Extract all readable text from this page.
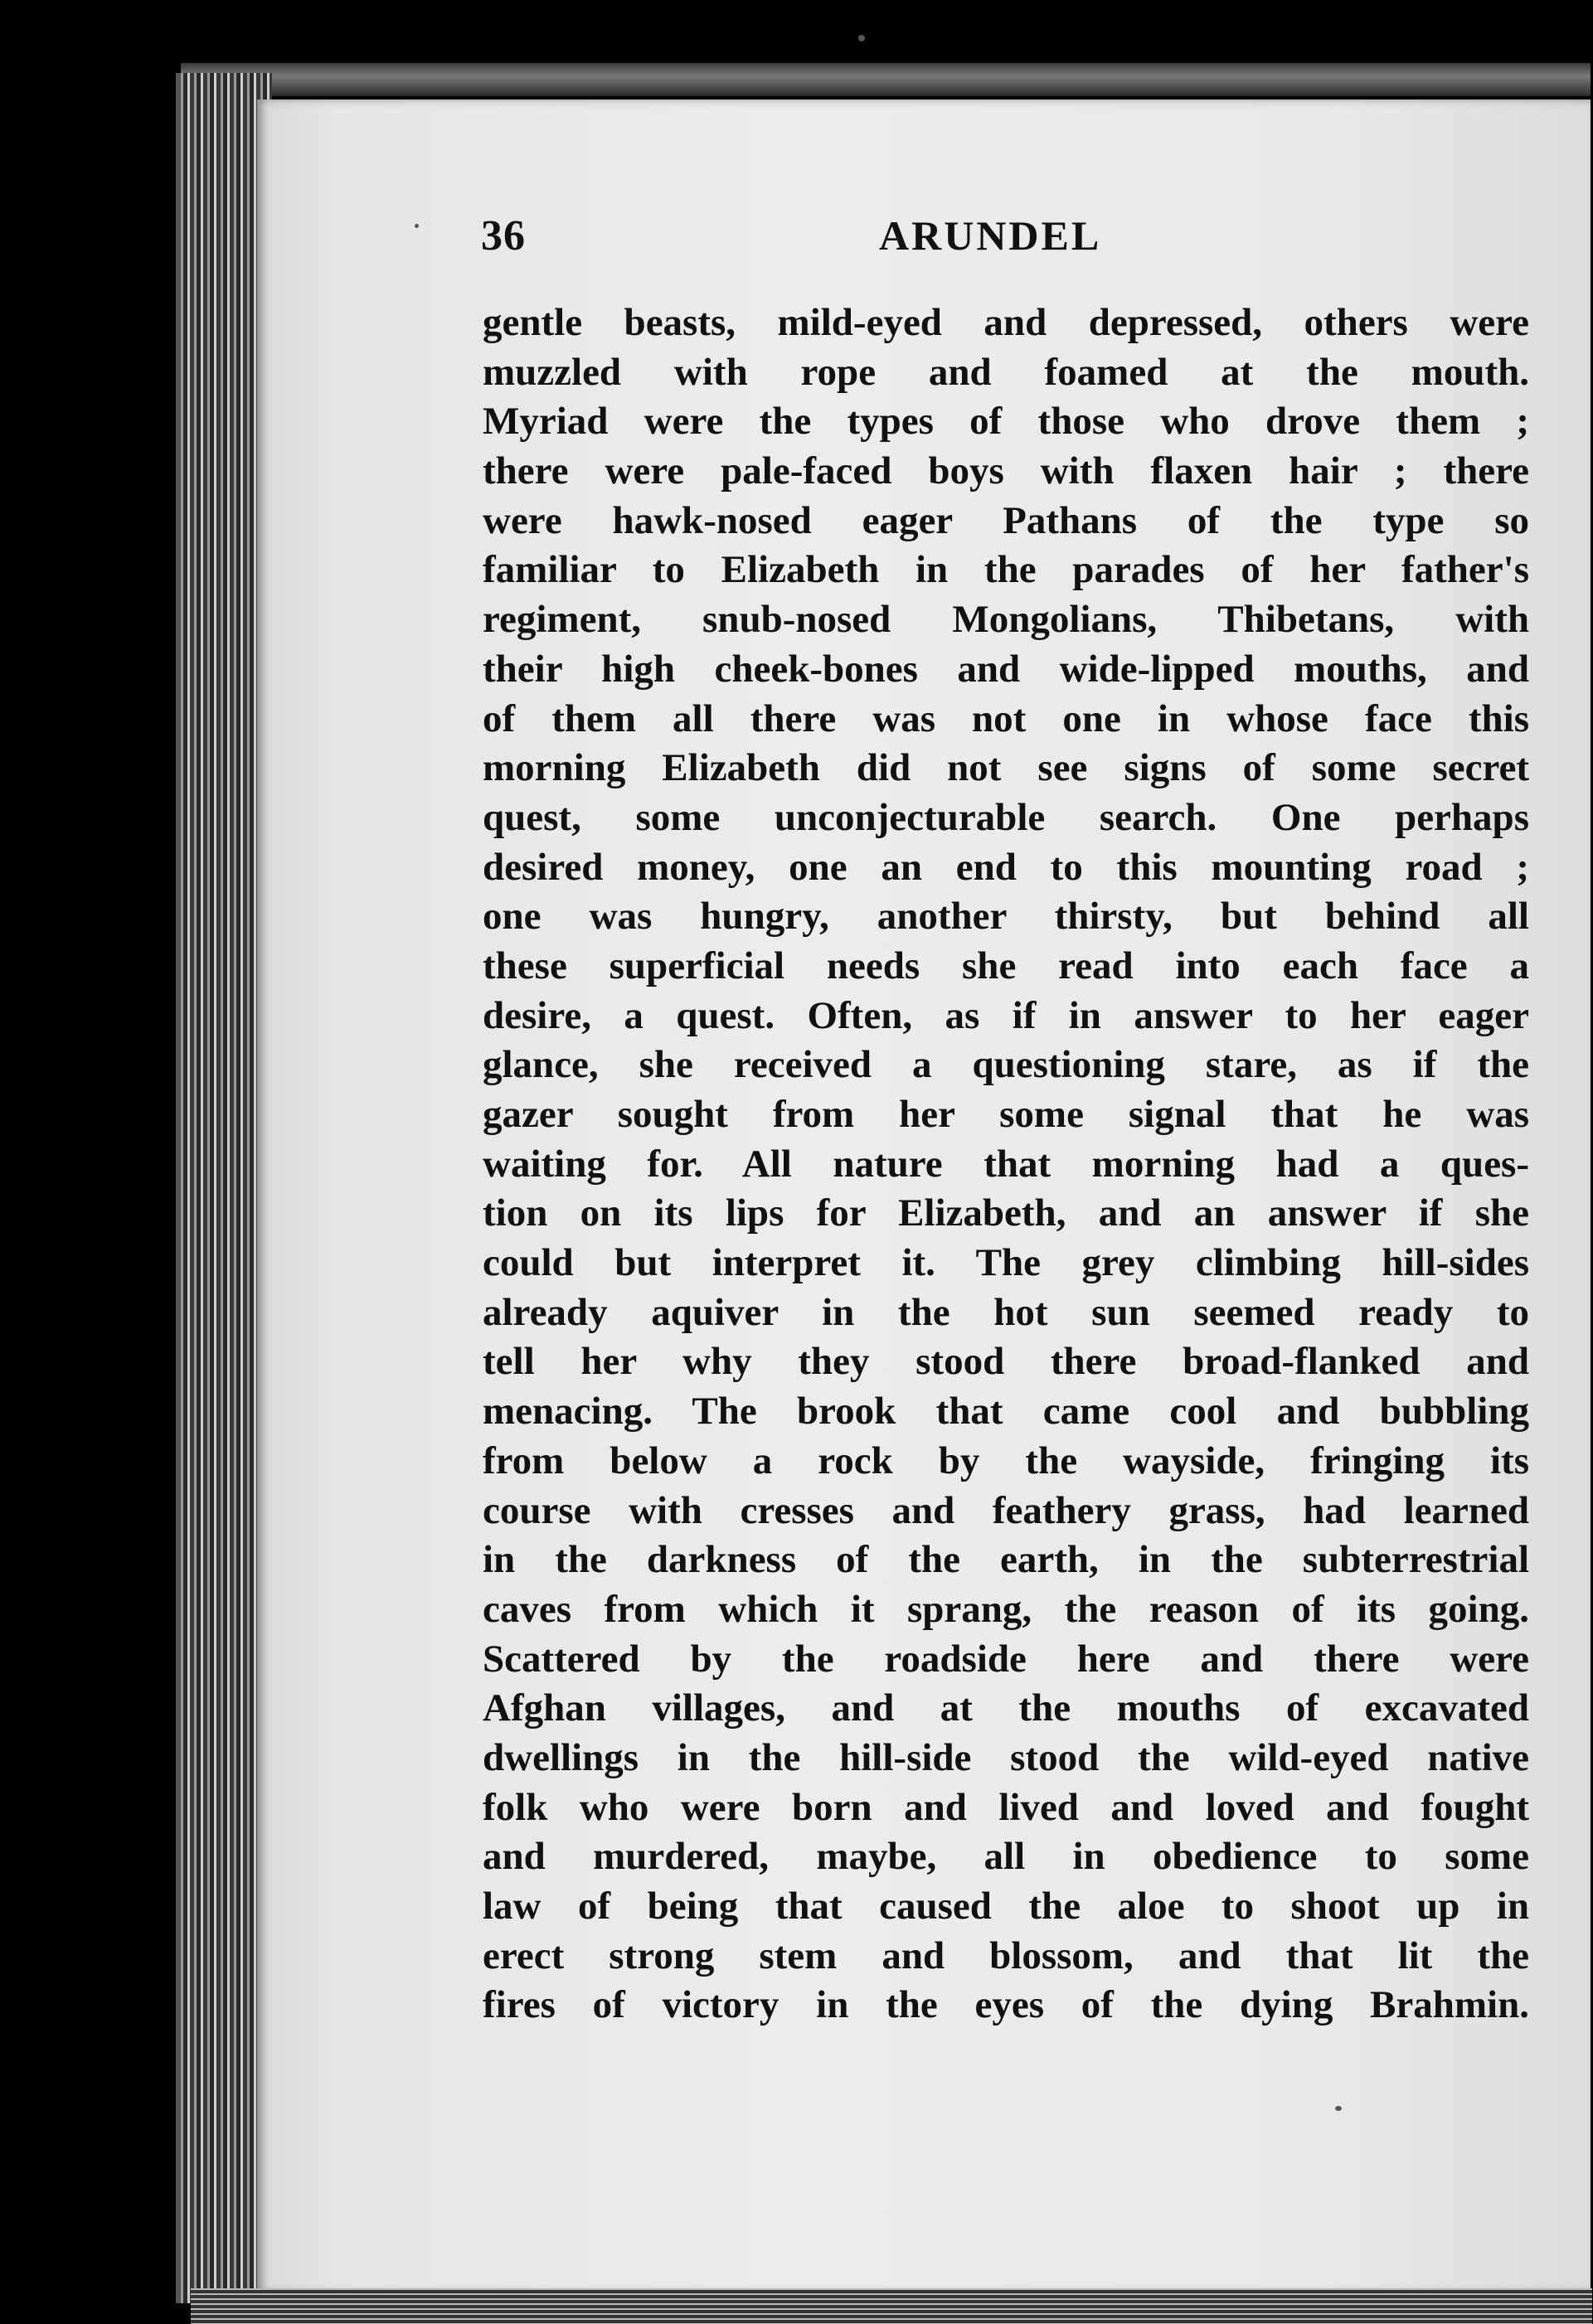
36	ARUNDEL
gentle beasts, mild-eyed and depressed, others were
muzzled with rope and foamed at the mouth.
Myriad were the types of those who drove them ;
there were pale-faced boys with flaxen hair ; there
were hawk-nosed eager Pathans of the type so
familiar to Elizabeth in the parades of her father's
regiment, snub-nosed Mongolians, Thibetans, with
their high cheek-bones and wide-lipped mouths, and
of them all there was not one in whose face this
morning Elizabeth did not see signs of some secret
quest, some unconjecturable search. One perhaps
desired money, one an end to this mounting road ;
one was hungry, another thirsty, but behind all
these superficial needs she read into each face a
desire, a quest. Often, as if in answer to her eager
glance, she received a questioning stare, as if the
gazer sought from her some signal that he was
waiting for. All nature that morning had a ques-
tion on its lips for Elizabeth, and an answer if she
could but interpret it. The grey climbing hill-sides
already aquiver in the hot sun seemed ready to
tell her why they stood there broad-flanked and
menacing. The brook that came cool and bubbling
from below a rock by the wayside, fringing its
course with cresses and feathery grass, had learned
in the darkness of the earth, in the subterrestrial
caves from which it sprang, the reason of its going.
Scattered by the roadside here and there were
Afghan villages, and at the mouths of excavated
dwellings in the hill-side stood the wild-eyed native
folk who were born and lived and loved and fought
and murdered, maybe, all in obedience to some
law of being that caused the aloe to shoot up in
erect strong stem and blossom, and that lit the
fires of victory in the eyes of the dying Brahmin.
